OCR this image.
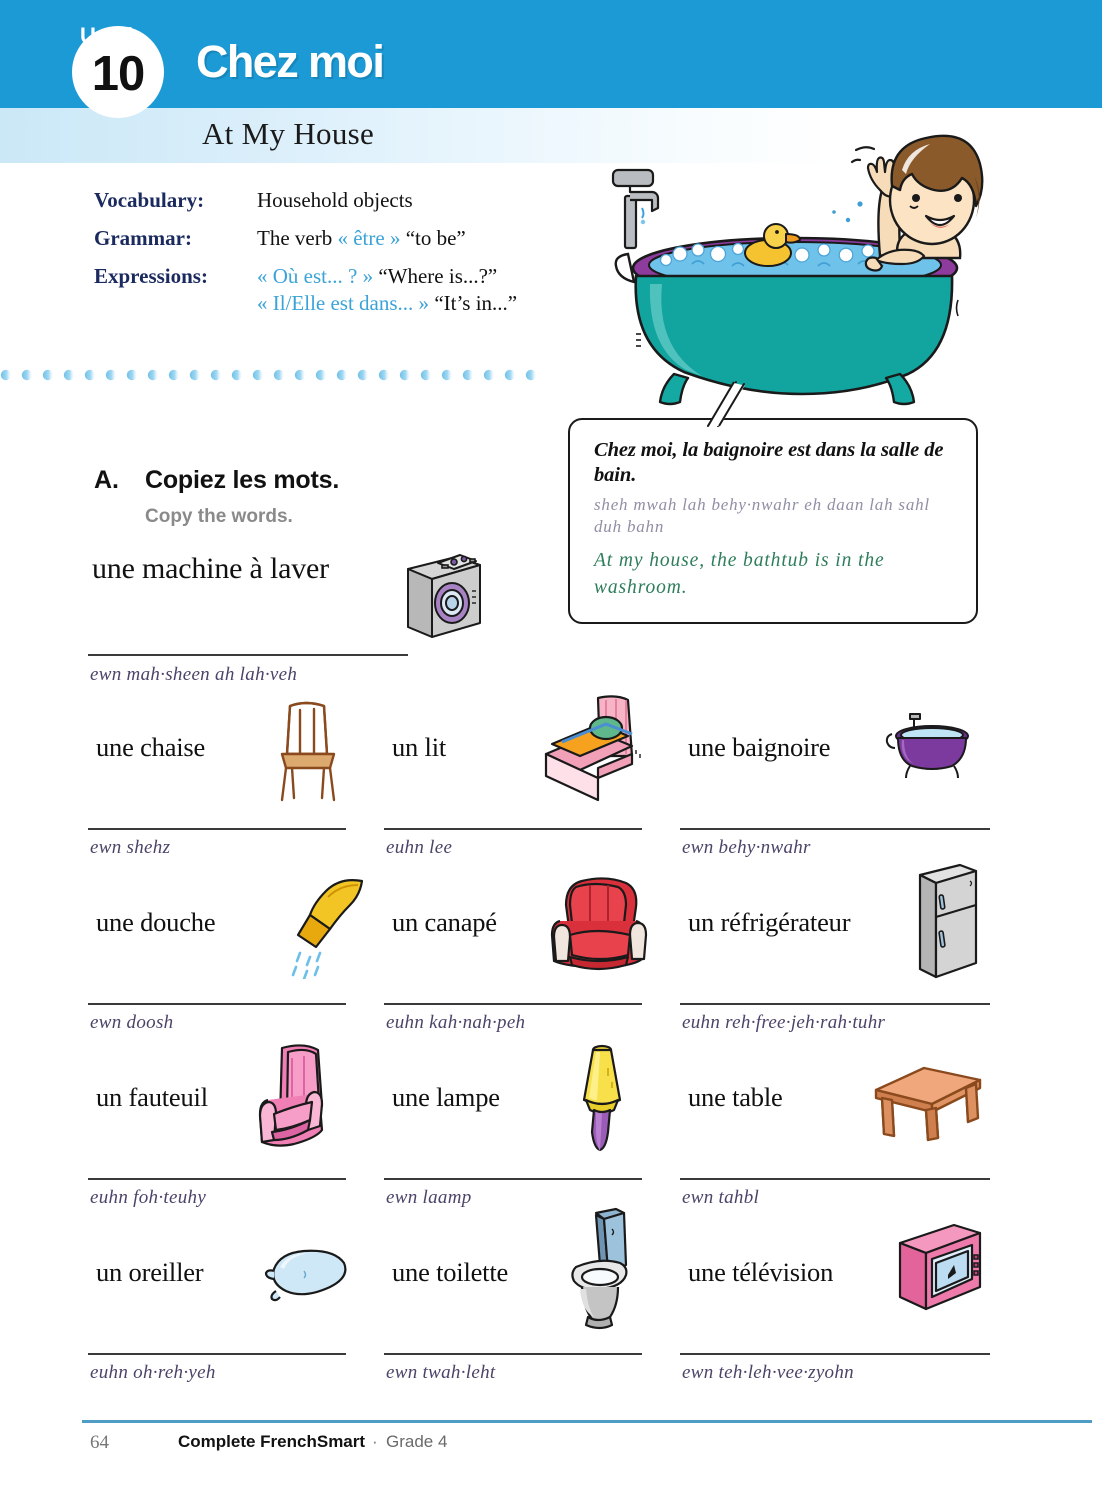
10
Unité
Chez moi
At My House
Vocabulary:	Household objects
Grammar:	The verb « être » “to be”
Expressions:	« Où est... ? » “Where is...?”
« Il/Elle est dans... » “It’s in...”
Chez moi, la baignoire est dans la salle de bain.
sheh mwah lah behy·nwahr eh daan lah sahl duh bahn
At my house, the bathtub is in the washroom.
A. Copiez les mots.
Copy the words.
une machine à laver
ewn mah·sheen ah lah·veh
une chaise
ewn shehz
un lit
euhn lee
une baignoire
ewn behy·nwahr
une douche
ewn doosh
un canapé
euhn kah·nah·peh
un réfrigérateur
euhn reh·free·jeh·rah·tuhr
un fauteuil
euhn foh·teuhy
une lampe
ewn laamp
une table
ewn tahbl
un oreiller
euhn oh·reh·yeh
une toilette
ewn twah·leht
une télévision
ewn teh·leh·vee·zyohn
64	Complete FrenchSmart · Grade 4
